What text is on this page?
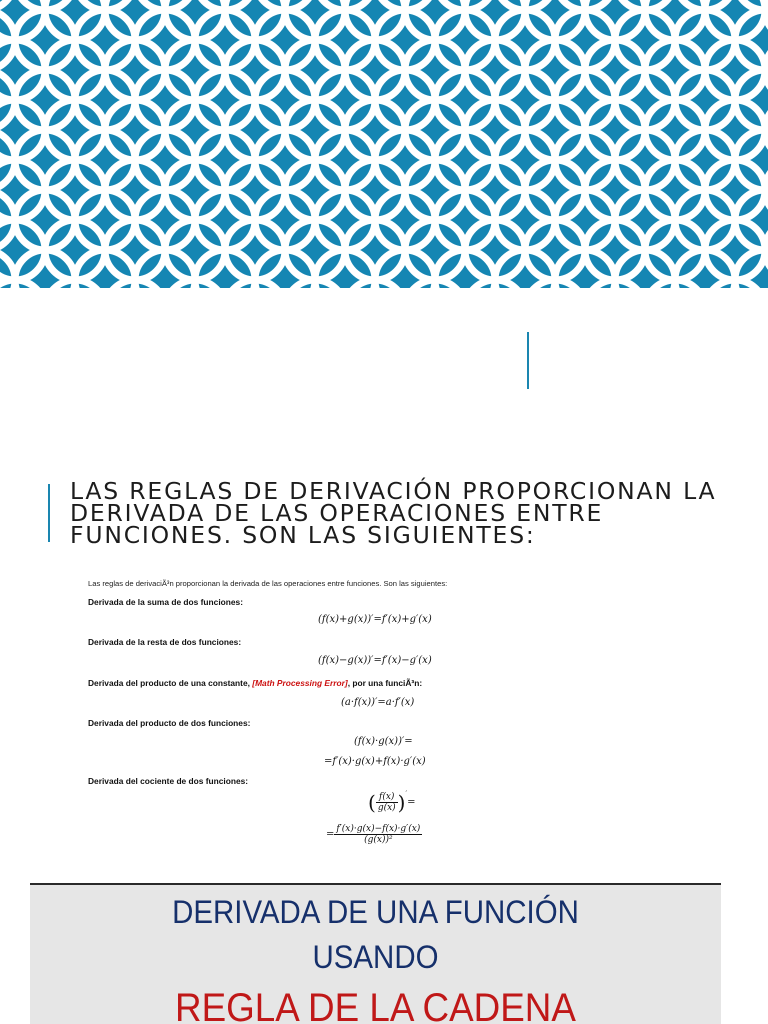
LAS REGLAS DE DERIVACIÓN PROPORCIONAN LA DERIVADA DE LAS OPERACIONES ENTRE FUNCIONES. SON LAS SIGUIENTES:
Las reglas de derivaciÃ³n proporcionan la derivada de las operaciones entre funciones. Son las siguientes:
Derivada de la suma de dos funciones:
(f(x)+g(x))′=f′(x)+g′(x)
Derivada de la resta de dos funciones:
(f(x)−g(x))′=f′(x)−g′(x)
Derivada del producto de una constante, [Math Processing Error], por una funciÃ³n:
(a·f(x))′=a·f′(x)
Derivada del producto de dos funciones:
(f(x)·g(x))′=
=f′(x)·g(x)+f(x)·g′(x)
Derivada del cociente de dos funciones:
( $\frac{f(x)}{g(x)} )'=$
= $\frac{f'(x)\cdot g(x)-f(x)\cdot g'(x)}{\text{(g(x))²}}$
DERIVADA DE UNA FUNCIÓN
USANDO
REGLA DE LA CADENA
